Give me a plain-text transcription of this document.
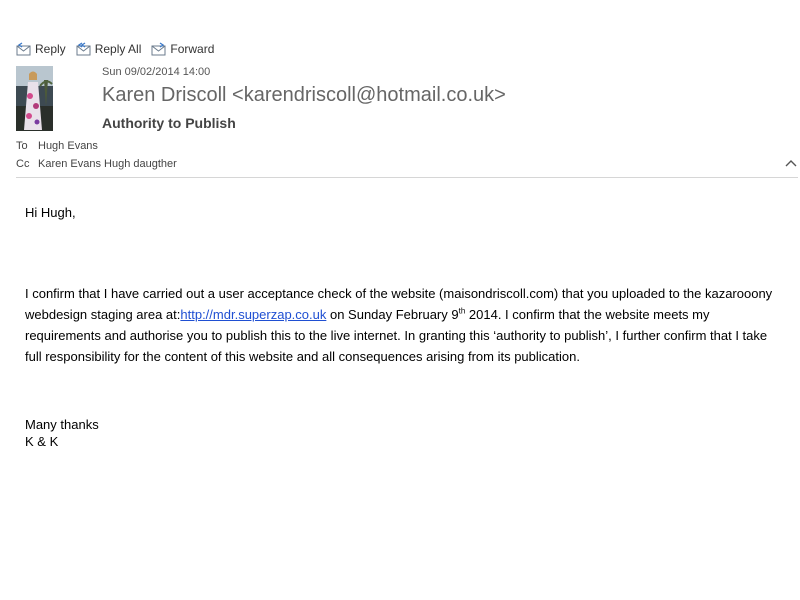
Reply Reply All Forward
Sun 09/02/2014 14:00
Karen Driscoll <karendriscoll@hotmail.co.uk>
Authority to Publish
To Hugh Evans
Cc Karen Evans Hugh daugther
Hi Hugh,
I confirm that I have carried out a user acceptance check of the website (maisondriscoll.com) that you uploaded to the kazarooony webdesign staging area at:http://mdr.superzap.co.uk on Sunday February 9th 2014. I confirm that the website meets my requirements and authorise you to publish this to the live internet. In granting this ‘authority to publish’, I further confirm that I take full responsibility for the content of this website and all consequences arising from its publication.
Many thanks
K & K
